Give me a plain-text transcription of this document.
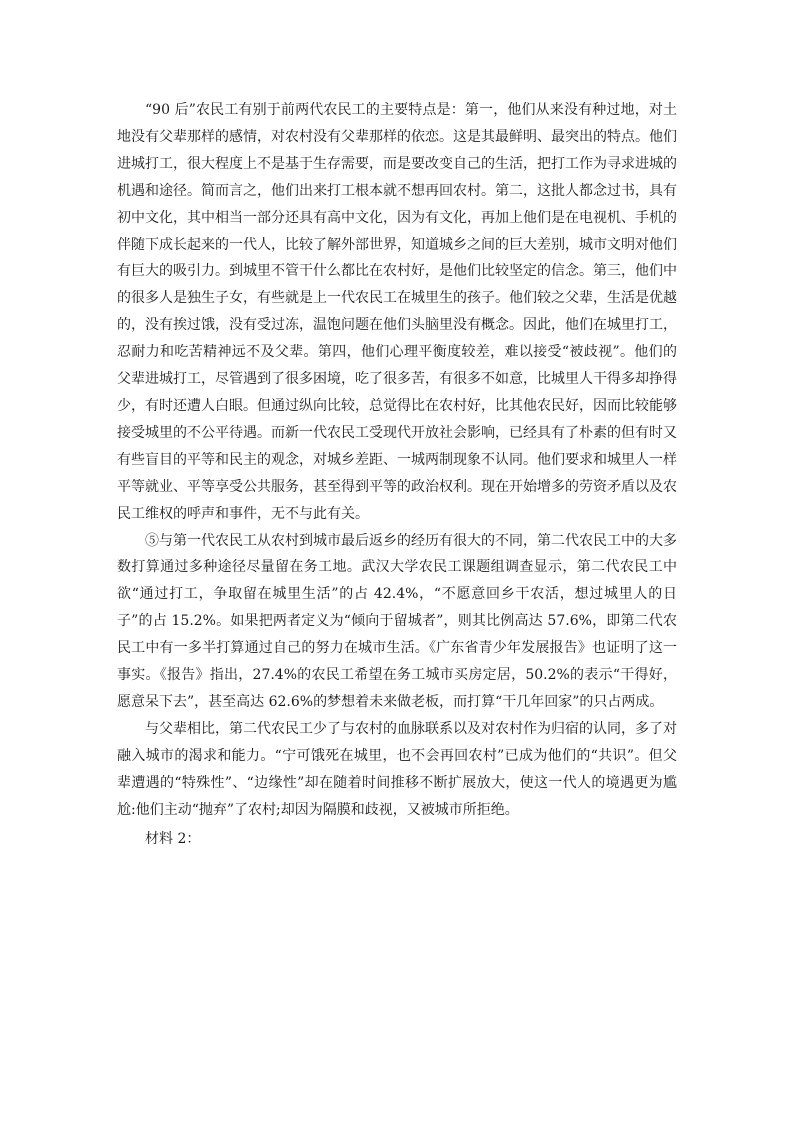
“90 后”农民工有别于前两代农民工的主要特点是：第一，他们从来没有种过地，对土地没有父辈那样的感情，对农村没有父辈那样的依恋。这是其最鲜明、最突出的特点。他们进城打工，很大程度上不是基于生存需要，而是要改变自己的生活，把打工作为寻求进城的机遇和途径。简而言之，他们出来打工根本就不想再回农村。第二，这批人都念过书，具有初中文化，其中相当一部分还具有高中文化，因为有文化，再加上他们是在电视机、手机的伴随下成长起来的一代人，比较了解外部世界，知道城乡之间的巨大差别，城市文明对他们有巨大的吸引力。到城里不管干什么都比在农村好，是他们比较坚定的信念。第三，他们中的很多人是独生子女，有些就是上一代农民工在城里生的孩子。他们较之父辈，生活是优越的，没有挨过饿，没有受过冻，温饱问题在他们头脑里没有概念。因此，他们在城里打工，忍耐力和吃苦精神远不及父辈。第四，他们心理平衡度较差，难以接受“被歧视”。他们的父辈进城打工，尽管遇到了很多困境，吃了很多苦，有很多不如意，比城里人干得多却挣得少，有时还遭人白眼。但通过纵向比较，总觉得比在农村好，比其他农民好，因而比较能够接受城里的不公平待遇。而新一代农民工受现代开放社会影响，已经具有了朴素的但有时又有些盲目的平等和民主的观念，对城乡差距、一城两制现象不认同。他们要求和城里人一样平等就业、平等享受公共服务，甚至得到平等的政治权利。现在开始增多的劳资矛盾以及农民工维权的呼声和事件，无不与此有关。

⑤与第一代农民工从农村到城市最后返乡的经历有很大的不同，第二代农民工中的大多数打算通过多种途径尽量留在务工地。武汉大学农民工课题组调查显示，第二代农民工中欲“通过打工，争取留在城里生活”的占 42.4%，“不愿意回乡干农活，想过城里人的日子”的占 15.2%。如果把两者定义为“倾向于留城者”，则其比例高达 57.6%，即第二代农民工中有一多半打算通过自己的努力在城市生活。《广东省青少年发展报告》也证明了这一事实。《报告》指出，27.4%的农民工希望在务工城市买房定居，50.2%的表示“干得好，愿意呆下去”，甚至高达 62.6%的梦想着未来做老板，而打算“干几年回家”的只占两成。

与父辈相比，第二代农民工少了与农村的血脉联系以及对农村作为归宿的认同，多了对融入城市的渴求和能力。“宁可饿死在城里，也不会再回农村”已成为他们的“共识”。但父辈遭遇的“特殊性”、“边缘性”却在随着时间推移不断扩展放大，使这一代人的境遇更为尴尬:他们主动“抛弃”了农村;却因为隔膜和歧视，又被城市所拒绝。

材料 2：
